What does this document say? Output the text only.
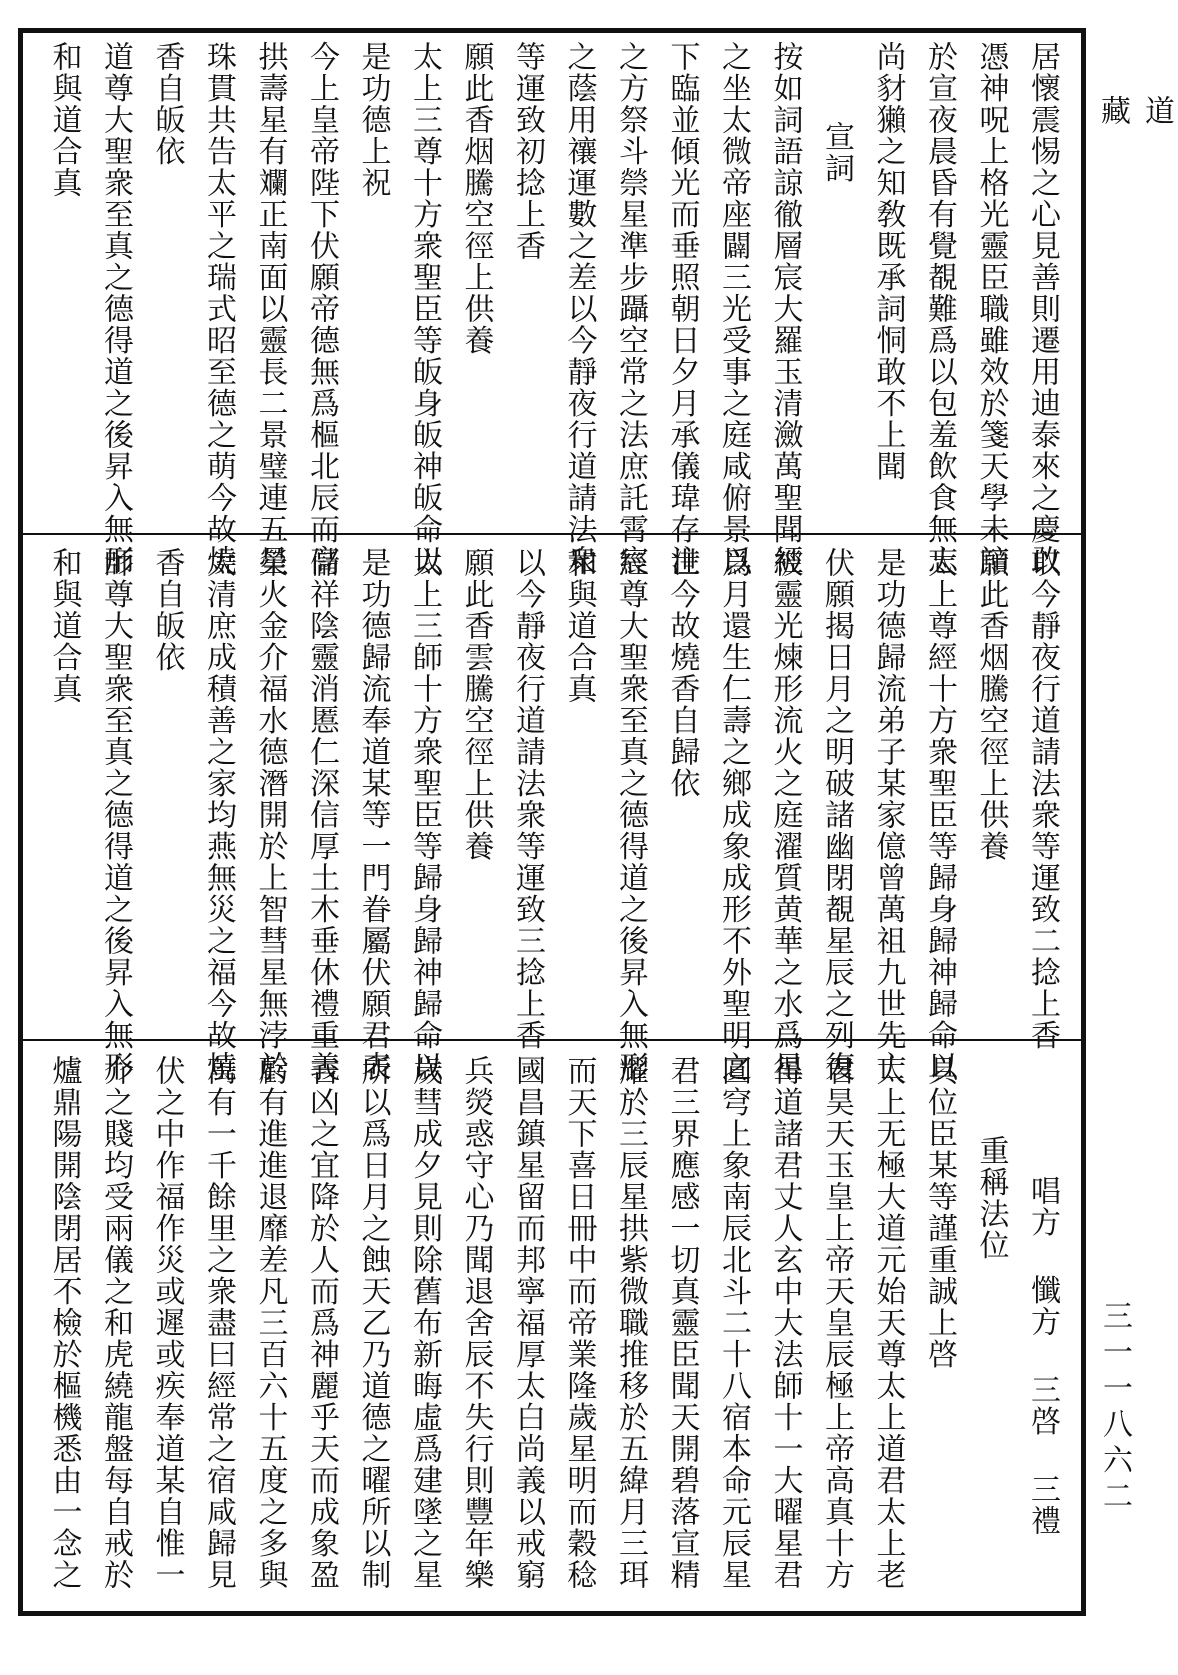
道藏
三一一八六二
居懷震惕之心見善則遷用迪泰來之慶敢
憑神呪上格光靈臣職雖效於箋天學未諳
於宣夜晨昏有覺覩難爲以包羞飲食無忘
尚豺獺之知敎既承詞恫敢不上聞
宣詞
按如詞語諒徹層宸大羅玉清瀲萬聖聞經
之坐太微帝座闢三光受事之庭咸俯景以
下臨並傾光而垂照朝日夕月承儀瑋存注
之方祭斗禜星準步躡空常之法庶託霄宸
之蔭用禳運數之差以今靜夜行道請法衆
等運致初捻上香
願此香烟騰空徑上供養
太上三尊十方衆聖臣等皈身皈神皈命以
是功德上祝
今上皇帝陛下伏願帝德無爲樞北辰而高
拱壽星有斕正南面以靈長二景璧連五星
珠貫共告太平之瑞式昭至德之萌今故燒
香自皈依
道尊大聖衆至真之德得道之後昇入無形
和與道合真
以今靜夜行道請法衆等運致二捻上香
願此香烟騰空徑上供養
太上尊經十方衆聖臣等歸身歸神歸命以
是功德歸流弟子某家億曾萬祖九世先亡
伏願揭日月之明破諸幽閉覩星辰之列復
被靈光煉形流火之庭濯質黄華之水爲星
爲月還生仁壽之鄉成象成形不外聖明之
世今故燒香自歸依
經尊大聖衆至真之德得道之後昇入無形
和與道合真
以今靜夜行道請法衆等運致三捻上香
願此香雲騰空徑上供養
太上三師十方衆聖臣等歸身歸神歸命以
是功德歸流奉道某等一門眷屬伏願君表
儲祥陰靈消慝仁深信厚土木垂休禮重義
榮火金介福水德潛開於上智彗星無浡於
太清庶成積善之家均燕無災之福今故燒
香自皈依
師尊大聖衆至真之德得道之後昇入無形
和與道合真
唱方 懺方 三啓 三禮
重稱法位
具位臣某等謹重誠上啓
太上无極大道元始天尊太上道君太上老
君昊天玉皇上帝天皇辰極上帝高真十方
得道諸君丈人玄中大法師十一大曜星君
圓穹上象南辰北斗二十八宿本命元辰星
君三界應感一切真靈臣聞天開碧落宣精
耀於三辰星拱紫微職推移於五緯月三珥
而天下喜日冊中而帝業隆歲星明而穀稔
國昌鎮星留而邦寧福厚太白尚義以戒窮
兵熒惑守心乃聞退舍辰不失行則豐年樂
歲彗成夕見則除舊布新晦虛爲建墜之星
所以爲日月之蝕天乙乃道德之曜所以制
吉凶之宜降於人而爲神麗乎天而成象盈
虧有進進退靡差凡三百六十五度之多與
萬有一千餘里之衆盡曰經常之宿咸歸見
伏之中作福作災或遲或疾奉道某自惟一
介之賤均受兩儀之和虎繞龍盤每自戒於
爐鼎陽開陰閉居不檢於樞機悉由一念之
